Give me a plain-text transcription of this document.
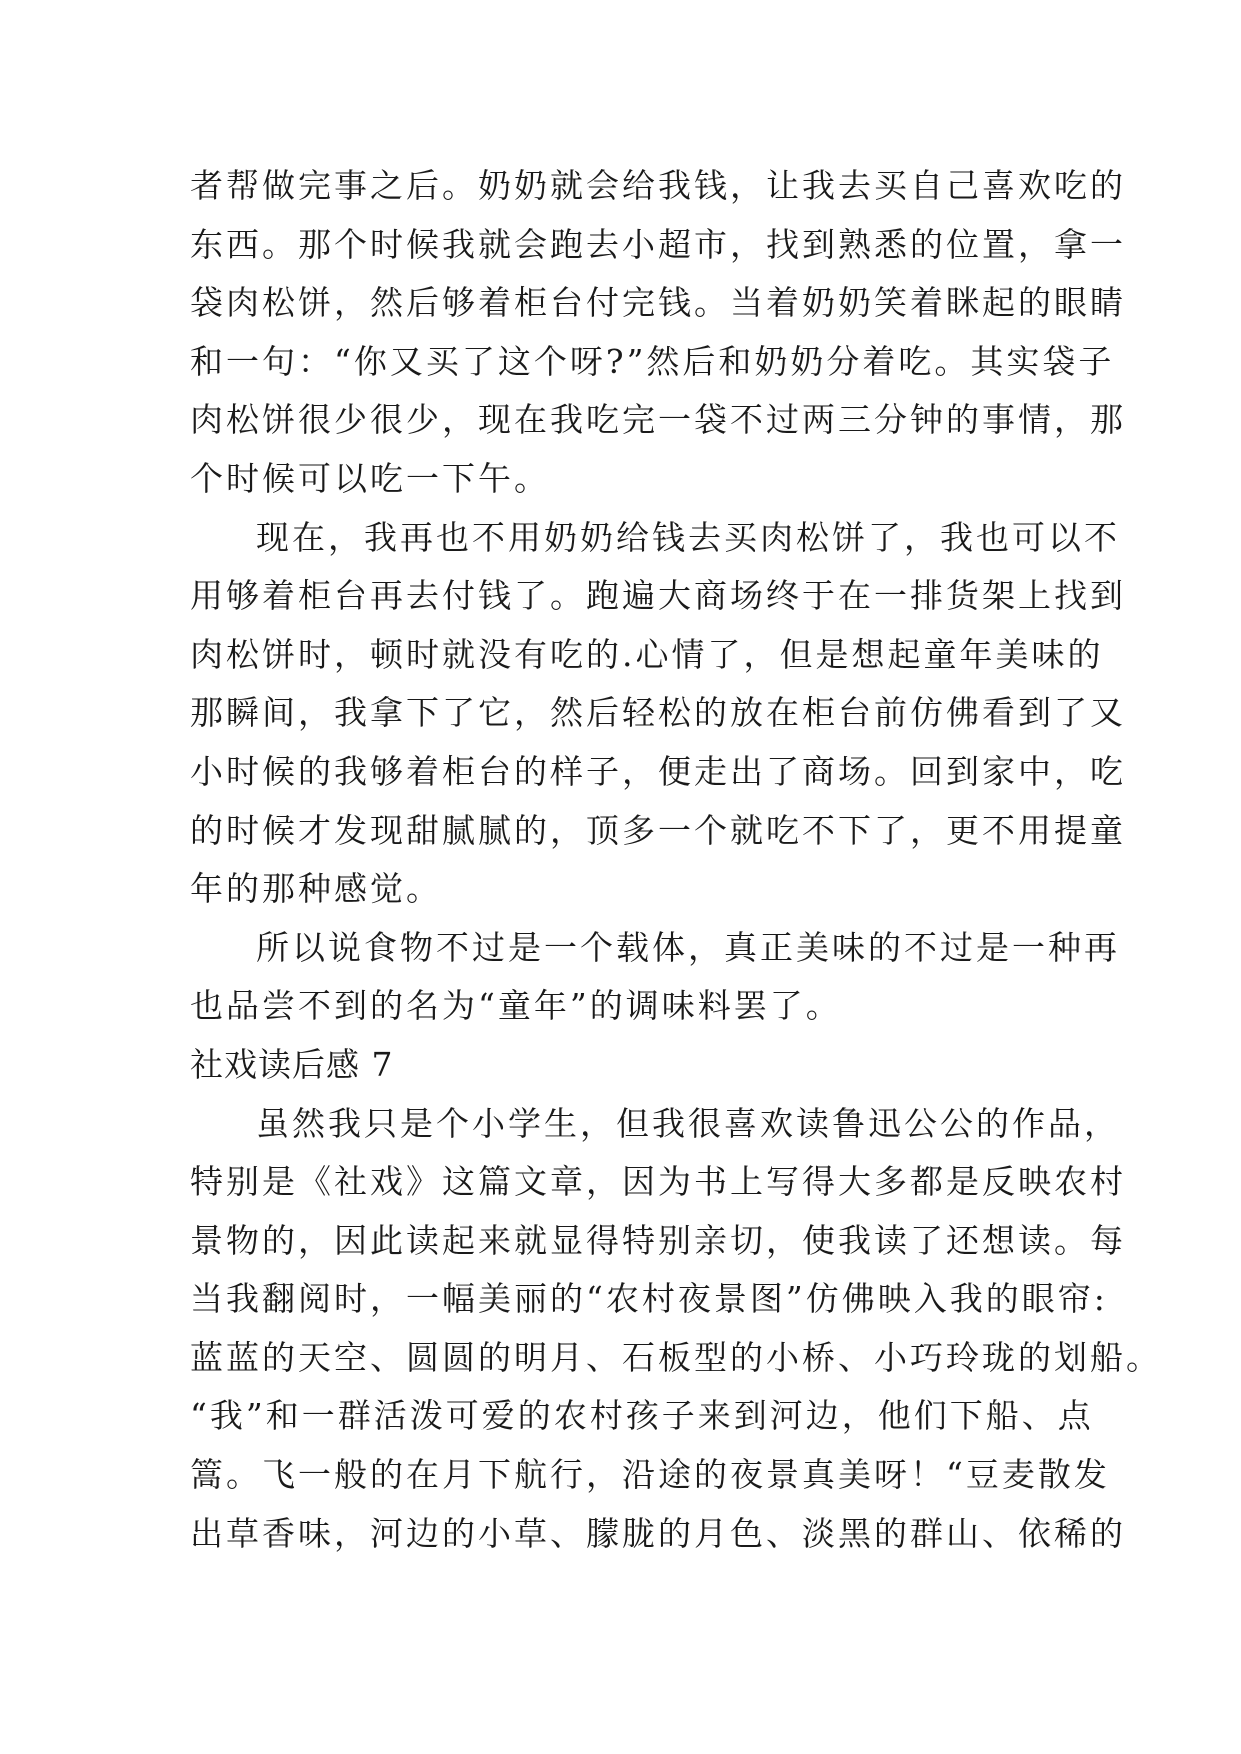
者帮做完事之后。奶奶就会给我钱，让我去买自己喜欢吃的
东西。那个时候我就会跑去小超市，找到熟悉的位置，拿一
袋肉松饼，然后够着柜台付完钱。当着奶奶笑着眯起的眼睛
和一句：“你又买了这个呀?”然后和奶奶分着吃。其实袋子
肉松饼很少很少，现在我吃完一袋不过两三分钟的事情，那
个时候可以吃一下午。
现在，我再也不用奶奶给钱去买肉松饼了，我也可以不
用够着柜台再去付钱了。跑遍大商场终于在一排货架上找到
肉松饼时，顿时就没有吃的.心情了，但是想起童年美味的
那瞬间，我拿下了它，然后轻松的放在柜台前仿佛看到了又
小时候的我够着柜台的样子，便走出了商场。回到家中，吃
的时候才发现甜腻腻的，顶多一个就吃不下了，更不用提童
年的那种感觉。
所以说食物不过是一个载体，真正美味的不过是一种再
也品尝不到的名为“童年”的调味料罢了。
社戏读后感 7
虽然我只是个小学生，但我很喜欢读鲁迅公公的作品，
特别是《社戏》这篇文章，因为书上写得大多都是反映农村
景物的，因此读起来就显得特别亲切，使我读了还想读。每
当我翻阅时，一幅美丽的“农村夜景图”仿佛映入我的眼帘:
蓝蓝的天空、圆圆的明月、石板型的小桥、小巧玲珑的划船。
“我”和一群活泼可爱的农村孩子来到河边，他们下船、点
篙。飞一般的在月下航行，沿途的夜景真美呀！“豆麦散发
出草香味，河边的小草、朦胧的月色、淡黑的群山、依稀的
